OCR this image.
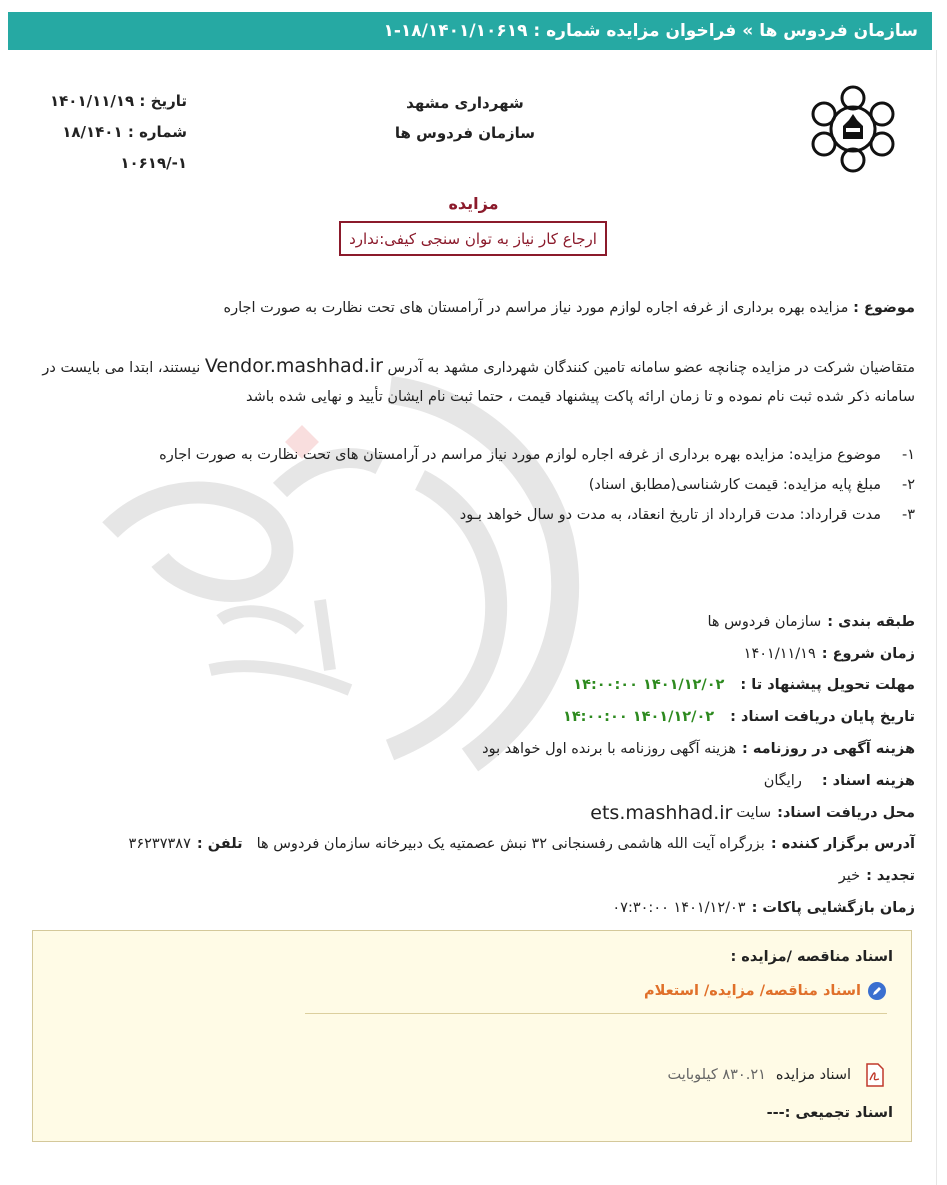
سازمان فردوس ها
»
فراخوان مزایده شماره : ۱۸/۱۴۰۱/۱۰۶۱۹-۱
شهرداری مشهد
سازمان فردوس ها
تاریخ : ۱۴۰۱/۱۱/۱۹
شماره : ۱۸/۱۴۰۱
۱-/۱۰۶۱۹
مزایده
ارجاع کار نیاز به توان سنجی کیفی:ندارد
موضوع : مزایده بهره برداری از غرفه اجاره لوازم مورد نیاز مراسم در آرامستان های تحت نظارت به صورت اجاره
متقاضیان شرکت در مزایده چنانچه عضو سامانه تامین کنندگان شهرداری مشهد به آدرس Vendor.mashhad.ir نیستند، ابتدا می بایست در سامانه ذکر شده ثبت نام نموده و تا زمان ارائه پاکت پیشنهاد قیمت ، حتما ثبت نام ایشان تأیید و نهایی شده باشد
۱-
موضوع مزایده: مزایده بهره برداری از غرفه اجاره لوازم مورد نیاز مراسم در آرامستان های تحت نظارت به صورت اجاره
۲-
مبلغ پایه مزایده: قیمت کارشناسی(مطابق اسناد)
۳-
مدت قرارداد: مدت قرارداد از تاریخ انعقاد، به مدت دو سال خواهد بـود
طبقه بندی :
سازمان فردوس ها
زمان شروع :
۱۴۰۱/۱۱/۱۹
مهلت تحویل پیشنهاد تا :
۱۴۰۱/۱۲/۰۲ ۱۴:۰۰:۰۰
تاریخ پایان دریافت اسناد :
۱۴۰۱/۱۲/۰۲ ۱۴:۰۰:۰۰
هزینه آگهی در روزنامه :
هزینه آگهی روزنامه با برنده اول خواهد بود
هزینه اسناد :
رایگان
محل دریافت اسناد:
سایت
ets.mashhad.ir
آدرس برگزار کننده :
بزرگراه آیت الله هاشمی رفسنجانی ۳۲ نبش عصمتیه یک دبیرخانه سازمان فردوس ها
تلفن :
۳۶۲۳۷۳۸۷
تجدید :
خیر
زمان بازگشایی پاکات :
۱۴۰۱/۱۲/۰۳ ۰۷:۳۰:۰۰
اسناد مناقصه /مزایده :
اسناد مناقصه/ مزایده/ استعلام
اسناد مزایده
۸۳۰.۲۱ کیلوبایت
اسناد تجمیعی :---
